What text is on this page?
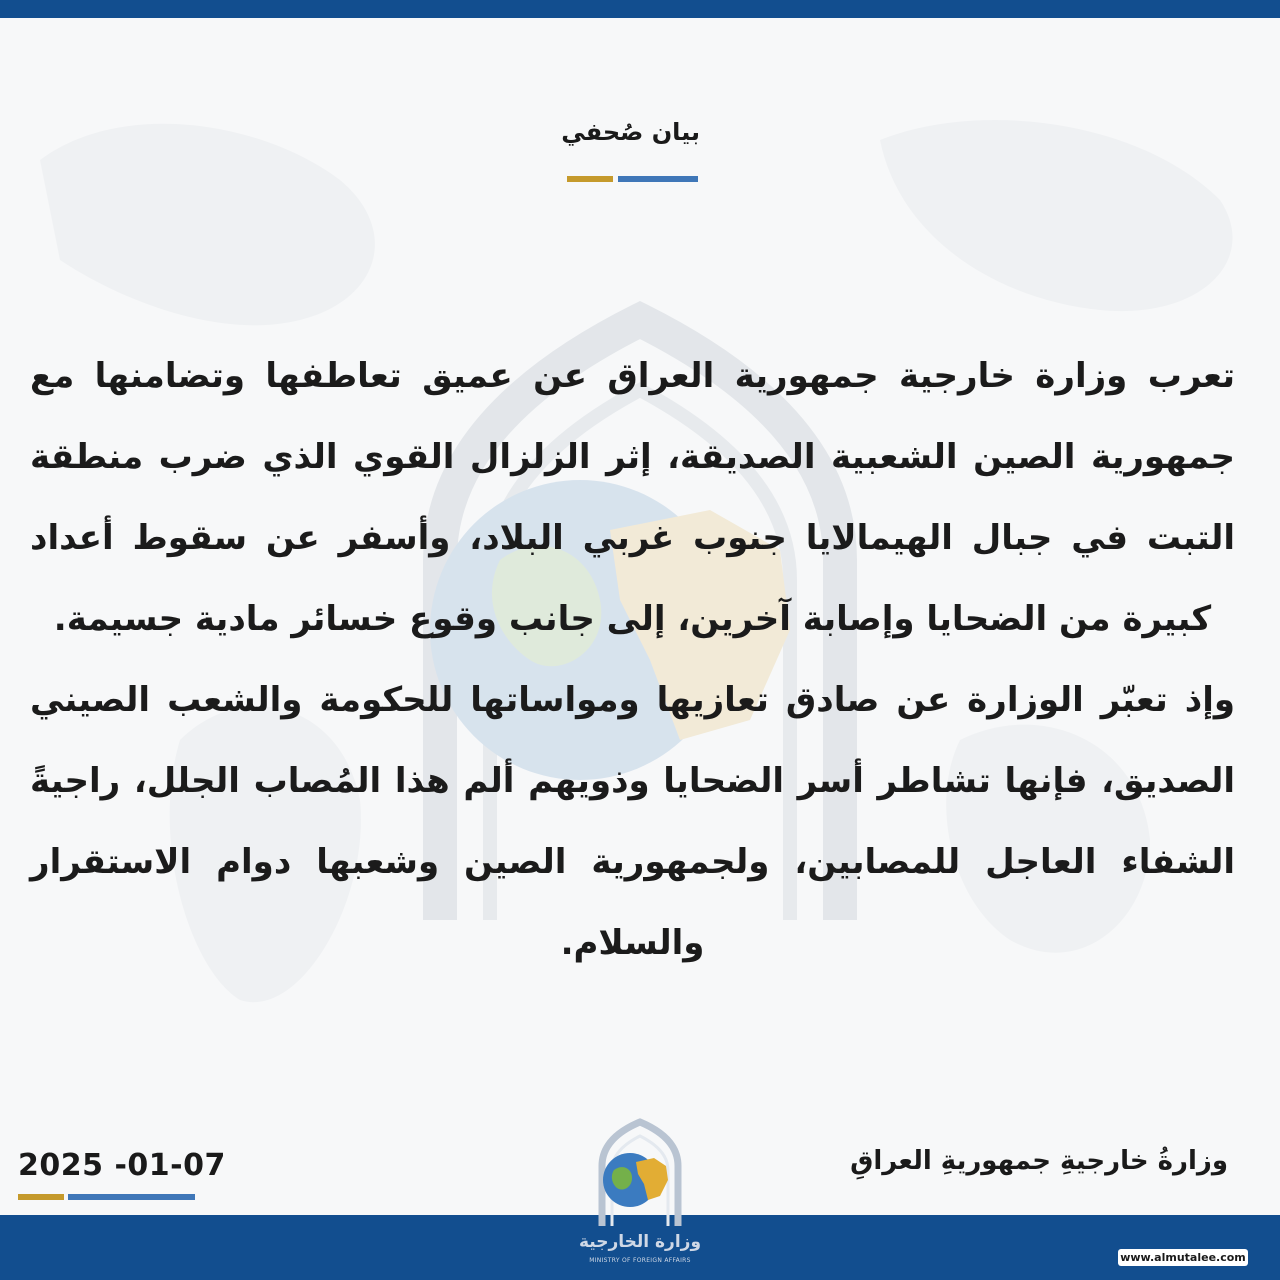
بيان صُحفي

تعرب وزارة خارجية جمهورية العراق عن عميق تعاطفها وتضامنها مع جمهورية الصين الشعبية الصديقة، إثر الزلزال القوي الذي ضرب منطقة التبت في جبال الهيمالايا جنوب غربي البلاد، وأسفر عن سقوط أعداد كبيرة من الضحايا وإصابة آخرين، إلى جانب وقوع خسائر مادية جسيمة.

وإذ تعبّر الوزارة عن صادق تعازيها ومواساتها للحكومة والشعب الصيني الصديق، فإنها تشاطر أسر الضحايا وذويهم ألم هذا المُصاب الجلل، راجيةً الشفاء العاجل للمصابين، ولجمهورية الصين وشعبها دوام الاستقرار والسلام.

وزارةُ خارجيةِ جمهوريةِ العراقِ
2025 -01-07
وزارة الخارجية
MINISTRY OF FOREIGN AFFAIRS	www.almutalee.com
